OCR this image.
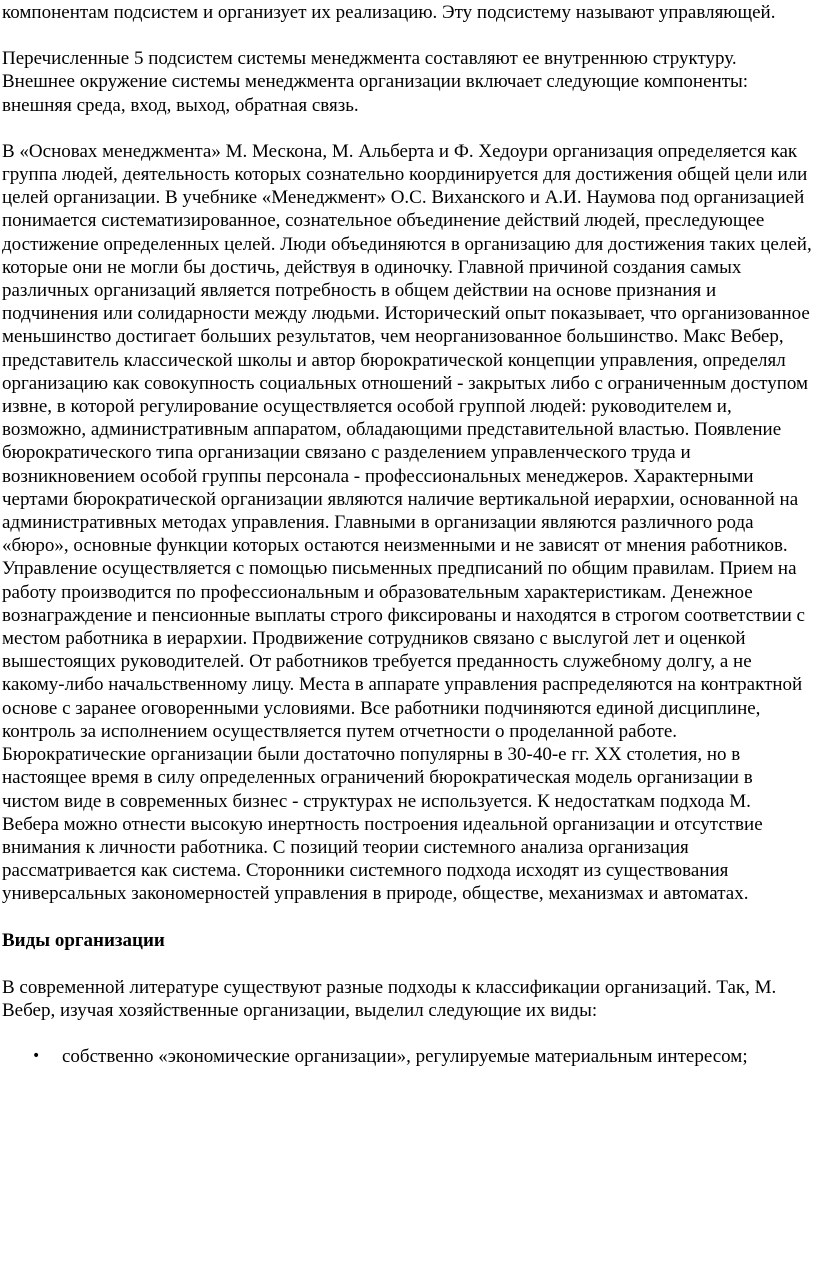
компонентам подсистем и организует их реализацию. Эту подсистему называют управляющей.

Перечисленные 5 подсистем системы менеджмента составляют ее внутреннюю структуру. Внешнее окружение системы менеджмента организации включает следующие компоненты: внешняя среда, вход, выход, обратная связь.

В «Основах менеджмента» М. Мескона, М. Альберта и Ф. Хедоури организация определяется как группа людей, деятельность которых сознательно координируется для достижения общей цели или целей организации. В учебнике «Менеджмент» О.С. Виханского и А.И. Наумова под организацией понимается систематизированное, сознательное объединение действий людей, преследующее достижение определенных целей. Люди объединяются в организацию для достижения таких целей, которые они не могли бы достичь, действуя в одиночку. Главной причиной создания самых различных организаций является потребность в общем действии на основе признания и подчинения или солидарности между людьми. Исторический опыт показывает, что организованное меньшинство достигает больших результатов, чем неорганизованное большинство. Макс Вебер, представитель классической школы и автор бюрократической концепции управления, определял организацию как совокупность социальных отношений - закрытых либо с ограниченным доступом извне, в которой регулирование осуществляется особой группой людей: руководителем и, возможно, административным аппаратом, обладающими представительной властью. Появление бюрократического типа организации связано с разделением управленческого труда и возникновением особой группы персонала - профессиональных менеджеров. Характерными чертами бюрократической организации являются наличие вертикальной иерархии, основанной на административных методах управления. Главными в организации являются различного рода «бюро», основные функции которых остаются неизменными и не зависят от мнения работников. Управление осуществляется с помощью письменных предписаний по общим правилам. Прием на работу производится по профессиональным и образовательным характеристикам. Денежное вознаграждение и пенсионные выплаты строго фиксированы и находятся в строгом соответствии с местом работника в иерархии. Продвижение сотрудников связано с выслугой лет и оценкой вышестоящих руководителей. От работников требуется преданность служебному долгу, а не какому-либо начальственному лицу. Места в аппарате управления распределяются на контрактной основе с заранее оговоренными условиями. Все работники подчиняются единой дисциплине, контроль за исполнением осуществляется путем отчетности о проделанной работе. Бюрократические организации были достаточно популярны в 30-40-е гг. XX столетия, но в настоящее время в силу определенных ограничений бюрократическая модель организации в чистом виде в современных бизнес - структурах не используется. К недостаткам подхода М. Вебера можно отнести высокую инертность построения идеальной организации и отсутствие внимания к личности работника. С позиций теории системного анализа организация рассматривается как система. Сторонники системного подхода исходят из существования универсальных закономерностей управления в природе, обществе, механизмах и автоматах.

Виды организации

В современной литературе существуют разные подходы к классификации организаций. Так, М. Вебер, изучая хозяйственные организации, выделил следующие их виды:

• собственно «экономические организации», регулируемые материальным интересом;
